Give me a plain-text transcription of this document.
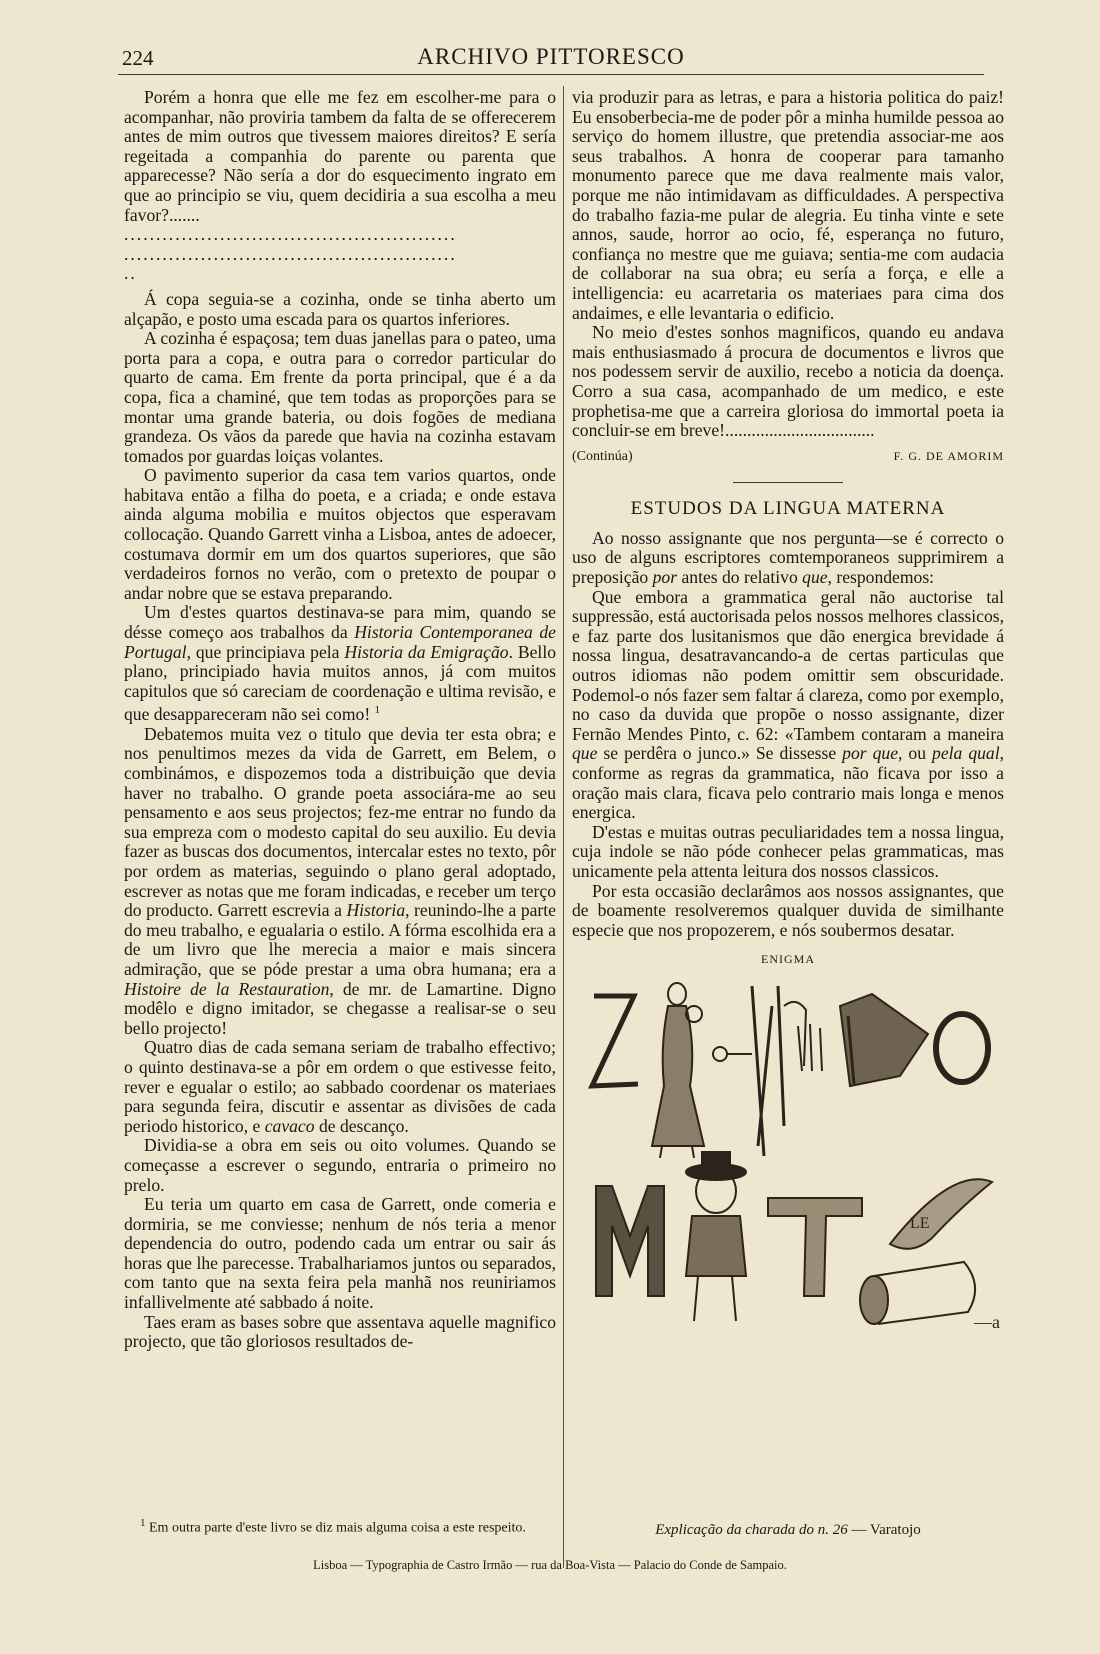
224	ARCHIVO PITTORESCO

Porém a honra que elle me fez em escolher-me para o acompanhar, não proviria tambem da falta de se offerecerem antes de mim outros que tivessem maiores direitos? E sería regeitada a companhia do parente ou parenta que apparecesse? Não sería a dor do esquecimento ingrato em que ao principio se viu, quem decidiria a sua escolha a meu favor?.......

....................................................
....................................................
..

Á copa seguia-se a cozinha, onde se tinha aberto um alçapão, e posto uma escada para os quartos inferiores.

A cozinha é espaçosa; tem duas janellas para o pateo, uma porta para a copa, e outra para o corredor particular do quarto de cama. Em frente da porta principal, que é a da copa, fica a chaminé, que tem todas as proporções para se montar uma grande bateria, ou dois fogões de mediana grandeza. Os vãos da parede que havia na cozinha estavam tomados por guardas loiças volantes.

O pavimento superior da casa tem varios quartos, onde habitava então a filha do poeta, e a criada; e onde estava ainda alguma mobilia e muitos objectos que esperavam collocação. Quando Garrett vinha a Lisboa, antes de adoecer, costumava dormir em um dos quartos superiores, que são verdadeiros fornos no verão, com o pretexto de poupar o andar nobre que se estava preparando.

Um d'estes quartos destinava-se para mim, quando se désse começo aos trabalhos da Historia Contemporanea de Portugal, que principiava pela Historia da Emigração. Bello plano, principiado havia muitos annos, já com muitos capitulos que só careciam de coordenação e ultima revisão, e que desappareceram não sei como! $^1$

Debatemos muita vez o titulo que devia ter esta obra; e nos penultimos mezes da vida de Garrett, em Belem, o combinámos, e dispozemos toda a distribuição que devia haver no trabalho. O grande poeta associára-me ao seu pensamento e aos seus projectos; fez-me entrar no fundo da sua empreza com o modesto capital do seu auxilio. Eu devia fazer as buscas dos documentos, intercalar estes no texto, pôr por ordem as materias, seguindo o plano geral adoptado, escrever as notas que me foram indicadas, e receber um terço do producto. Garrett escrevia a Historia, reunindo-lhe a parte do meu trabalho, e egualaria o estilo. A fórma escolhida era a de um livro que lhe merecia a maior e mais sincera admiração, que se póde prestar a uma obra humana; era a Histoire de la Restauration, de mr. de Lamartine. Digno modêlo e digno imitador, se chegasse a realisar-se o seu bello projecto!

Quatro dias de cada semana seriam de trabalho effectivo; o quinto destinava-se a pôr em ordem o que estivesse feito, rever e egualar o estilo; ao sabbado coordenar os materiaes para segunda feira, discutir e assentar as divisões de cada periodo historico, e cavaco de descanço.

Dividia-se a obra em seis ou oito volumes. Quando se começasse a escrever o segundo, entraria o primeiro no prelo.

Eu teria um quarto em casa de Garrett, onde comeria e dormiria, se me conviesse; nenhum de nós teria a menor dependencia do outro, podendo cada um entrar ou sair ás horas que lhe parecesse. Trabalhariamos juntos ou separados, com tanto que na sexta feira pela manhã nos reuniriamos infallivelmente até sabbado á noite.

Taes eram as bases sobre que assentava aquelle magnifico projecto, que tão gloriosos resultados de-

$^1$ Em outra parte d'este livro se diz mais alguma coisa a este respeito.

via produzir para as letras, e para a historia politica do paiz! Eu ensoberbecia-me de poder pôr a minha humilde pessoa ao serviço do homem illustre, que pretendia associar-me aos seus trabalhos. A honra de cooperar para tamanho monumento parece que me dava realmente mais valor, porque me não intimidavam as difficuldades. A perspectiva do trabalho fazia-me pular de alegria. Eu tinha vinte e sete annos, saude, horror ao ocio, fé, esperança no futuro, confiança no mestre que me guiava; sentia-me com audacia de collaborar na sua obra; eu sería a força, e elle a intelligencia: eu acarretaria os materiaes para cima dos andaimes, e elle levantaria o edificio.

No meio d'estes sonhos magnificos, quando eu andava mais enthusiasmado á procura de documentos e livros que nos podessem servir de auxilio, recebo a noticia da doença. Corro a sua casa, acompanhado de um medico, e este prophetisa-me que a carreira gloriosa do immortal poeta ia concluir-se em breve!..................................

(Continúa)	F. G. DE AMORIM
ESTUDOS DA LINGUA MATERNA

Ao nosso assignante que nos pergunta—se é correcto o uso de alguns escriptores comtemporaneos supprimirem a preposição por antes do relativo que, respondemos:

Que embora a grammatica geral não auctorise tal suppressão, está auctorisada pelos nossos melhores classicos, e faz parte dos lusitanismos que dão energica brevidade á nossa lingua, desatravancando-a de certas particulas que outros idiomas não podem omittir sem obscuridade. Podemol-o nós fazer sem faltar á clareza, como por exemplo, no caso da duvida que propõe o nosso assignante, dizer Fernão Mendes Pinto, c. 62: «Tambem contaram a maneira que se perdêra o junco.» Se dissesse por que, ou pela qual, conforme as regras da grammatica, não ficava por isso a oração mais clara, ficava pelo contrario mais longa e menos energica.

D'estas e muitas outras peculiaridades tem a nossa lingua, cuja indole se não póde conhecer pelas grammaticas, mas unicamente pela attenta leitura dos nossos classicos.

Por esta occasião declarâmos aos nossos assignantes, que de boamente resolveremos qualquer duvida de similhante especie que nos propozerem, e nós soubermos desatar.

ENIGMA
LE
—a
Explicação da charada do n. 26 — Varatojo
Lisboa — Typographia de Castro Irmão — rua da Boa-Vista — Palacio do Conde de Sampaio.
